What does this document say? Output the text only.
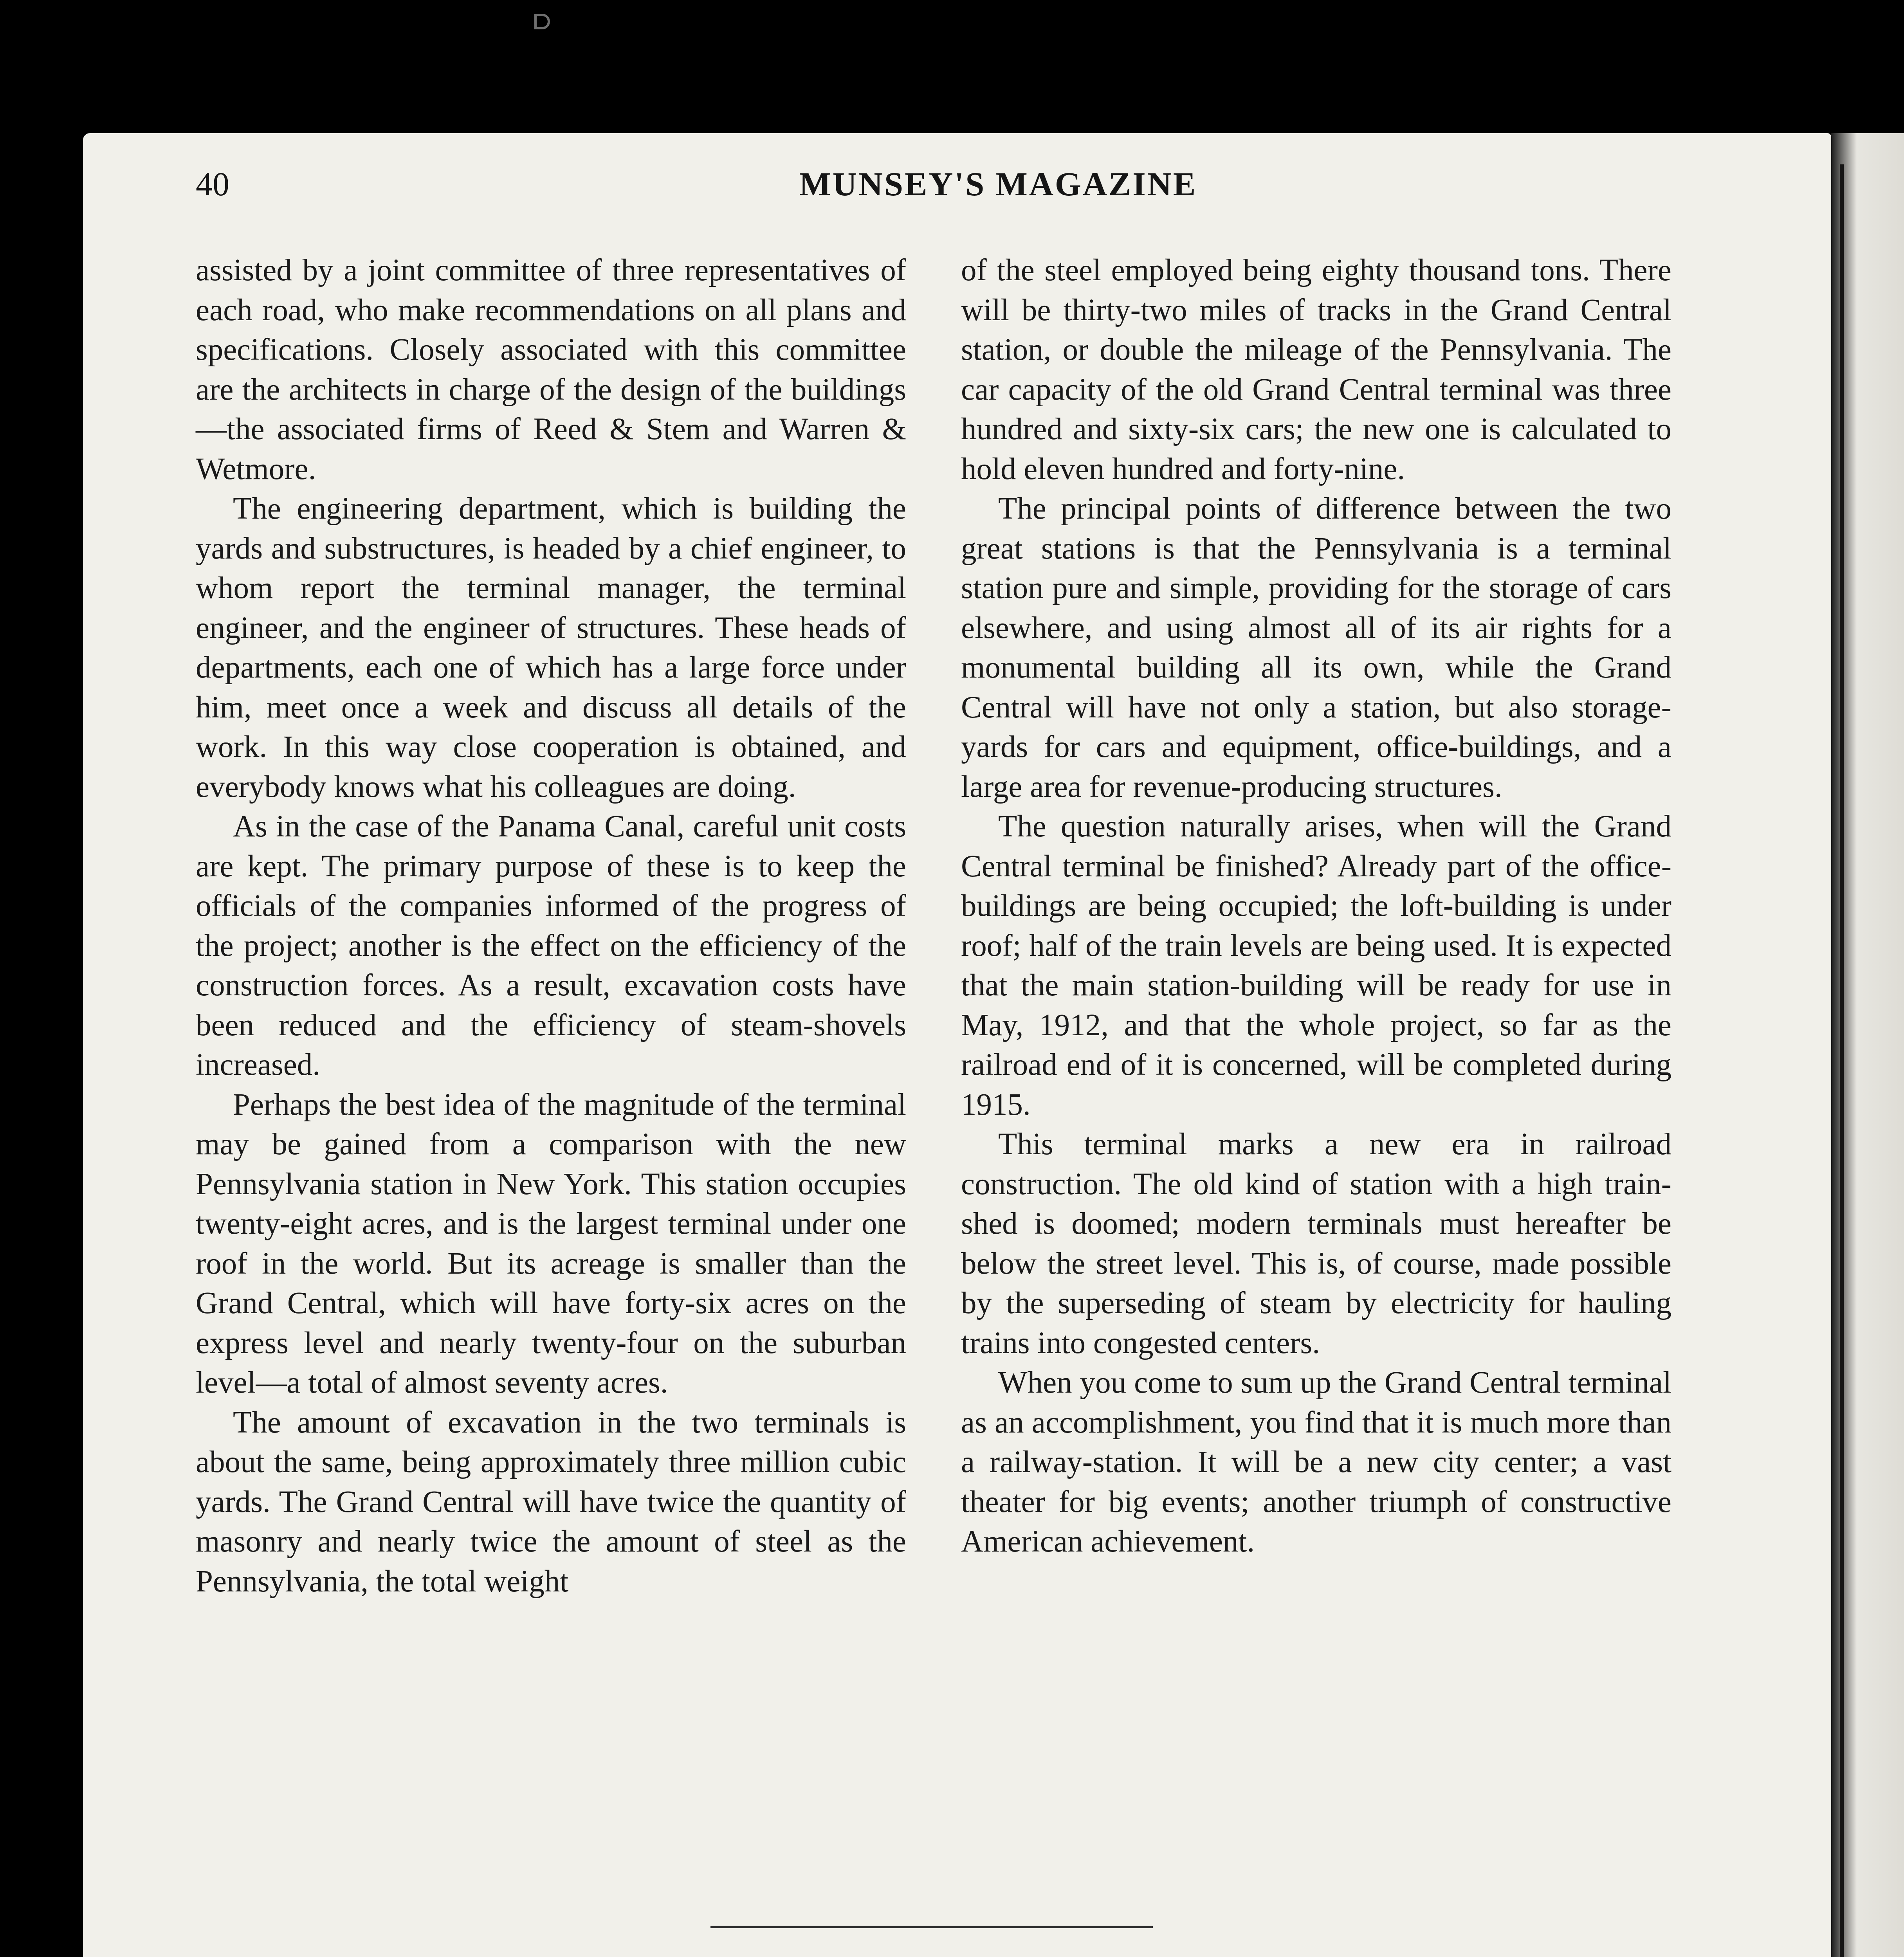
40	MUNSEY'S MAGAZINE

assisted by a joint committee of three representatives of each road, who make recommendations on all plans and specifications. Closely associated with this committee are the architects in charge of the design of the buildings—the associated firms of Reed & Stem and Warren & Wetmore.

The engineering department, which is building the yards and substructures, is headed by a chief engineer, to whom report the terminal manager, the terminal engineer, and the engineer of structures. These heads of departments, each one of which has a large force under him, meet once a week and discuss all details of the work. In this way close cooperation is obtained, and everybody knows what his colleagues are doing.

As in the case of the Panama Canal, careful unit costs are kept. The primary purpose of these is to keep the officials of the companies informed of the progress of the project; another is the effect on the efficiency of the construction forces. As a result, excavation costs have been reduced and the efficiency of steam-shovels increased.

Perhaps the best idea of the magnitude of the terminal may be gained from a comparison with the new Pennsylvania station in New York. This station occupies twenty-eight acres, and is the largest terminal under one roof in the world. But its acreage is smaller than the Grand Central, which will have forty-six acres on the express level and nearly twenty-four on the suburban level—a total of almost seventy acres.

The amount of excavation in the two terminals is about the same, being approximately three million cubic yards. The Grand Central will have twice the quantity of masonry and nearly twice the amount of steel as the Pennsylvania, the total weight

of the steel employed being eighty thousand tons. There will be thirty-two miles of tracks in the Grand Central station, or double the mileage of the Pennsylvania. The car capacity of the old Grand Central terminal was three hundred and sixty-six cars; the new one is calculated to hold eleven hundred and forty-nine.

The principal points of difference between the two great stations is that the Pennsylvania is a terminal station pure and simple, providing for the storage of cars elsewhere, and using almost all of its air rights for a monumental building all its own, while the Grand Central will have not only a station, but also storage-yards for cars and equipment, office-buildings, and a large area for revenue-producing structures.

The question naturally arises, when will the Grand Central terminal be finished? Already part of the office-buildings are being occupied; the loft-building is under roof; half of the train levels are being used. It is expected that the main station-building will be ready for use in May, 1912, and that the whole project, so far as the railroad end of it is concerned, will be completed during 1915.

This terminal marks a new era in railroad construction. The old kind of station with a high train-shed is doomed; modern terminals must hereafter be below the street level. This is, of course, made possible by the superseding of steam by electricity for hauling trains into congested centers.

When you come to sum up the Grand Central terminal as an accomplishment, you find that it is much more than a railway-station. It will be a new city center; a vast theater for big events; another triumph of constructive American achievement.
